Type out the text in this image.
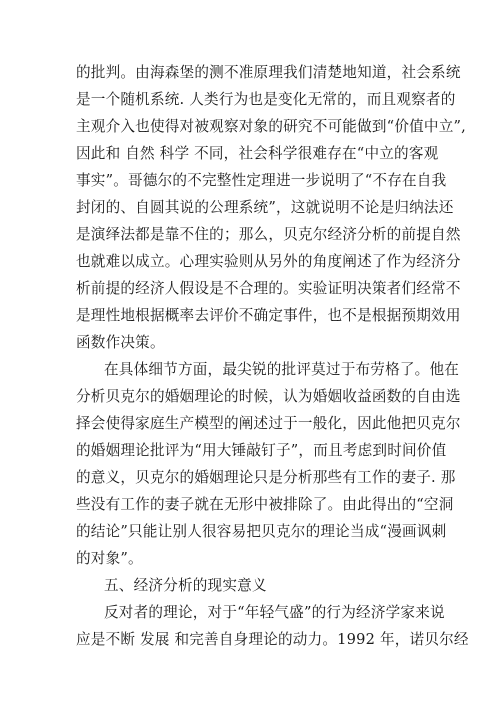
的批判。由海森堡的测不准原理我们清楚地知道，社会系统
是一个随机系统. 人类行为也是变化无常的，而且观察者的
主观介入也使得对被观察对象的研究不可能做到“价值中立”,
因此和 自然 科学 不同，社会科学很难存在“中立的客观
事实”。哥德尔的不完整性定理进一步说明了“不存在自我
封闭的、自圆其说的公理系统”，这就说明不论是归纳法还
是演绎法都是靠不住的；那么，贝克尔经济分析的前提自然
也就难以成立。心理实验则从另外的角度阐述了作为经济分
析前提的经济人假设是不合理的。实验证明决策者们经常不
是理性地根据概率去评价不确定事件，也不是根据预期效用
函数作决策。
在具体细节方面，最尖锐的批评莫过于布劳格了。他在
分析贝克尔的婚姻理论的时候，认为婚姻收益函数的自由选
择会使得家庭生产模型的阐述过于一般化，因此他把贝克尔
的婚姻理论批评为“用大锤敲钉子”，而且考虑到时间价值
的意义，贝克尔的婚姻理论只是分析那些有工作的妻子. 那
些没有工作的妻子就在无形中被排除了。由此得出的“空洞
的结论”只能让别人很容易把贝克尔的理论当成“漫画讽刺
的对象”。
五、经济分析的现实意义
反对者的理论，对于“年轻气盛”的行为经济学家来说
应是不断 发展 和完善自身理论的动力。1992 年，诺贝尔经
